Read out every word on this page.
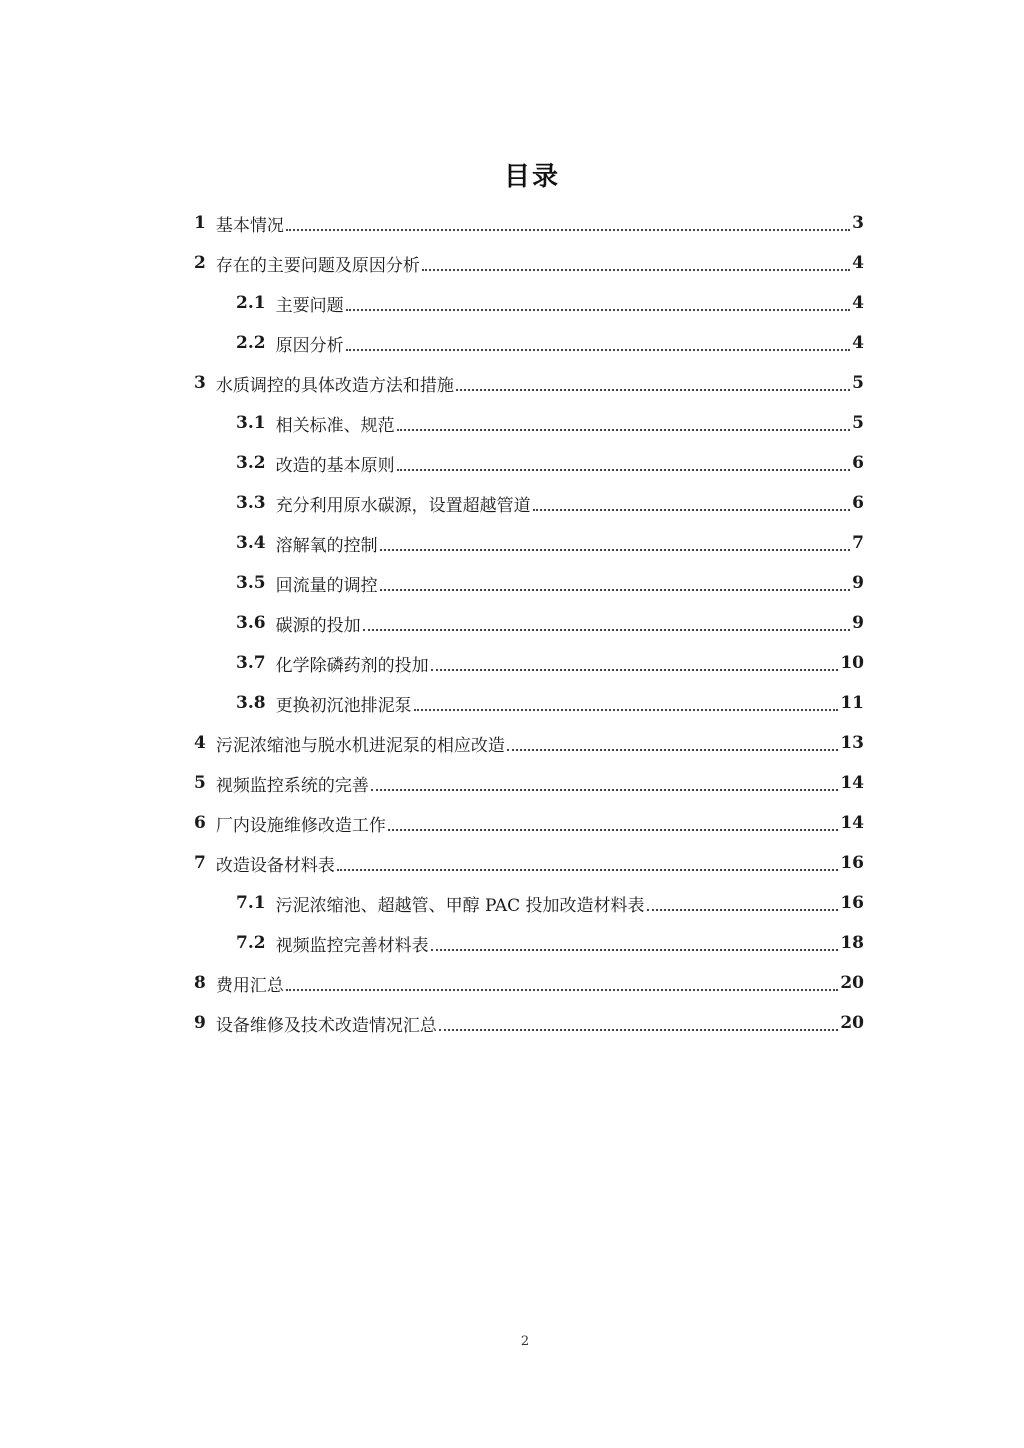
目录
1 基本情况	3
2 存在的主要问题及原因分析	4
2.1 主要问题	4
2.2 原因分析	4
3 水质调控的具体改造方法和措施	5
3.1 相关标准、规范	5
3.2 改造的基本原则	6
3.3 充分利用原水碳源，设置超越管道	6
3.4 溶解氧的控制	7
3.5 回流量的调控	9
3.6 碳源的投加	9
3.7 化学除磷药剂的投加	10
3.8 更换初沉池排泥泵	11
4 污泥浓缩池与脱水机进泥泵的相应改造	13
5 视频监控系统的完善	14
6 厂内设施维修改造工作	14
7 改造设备材料表	16
7.1 污泥浓缩池、超越管、甲醇 PAC 投加改造材料表	16
7.2 视频监控完善材料表	18
8 费用汇总	20
9 设备维修及技术改造情况汇总	20
2
